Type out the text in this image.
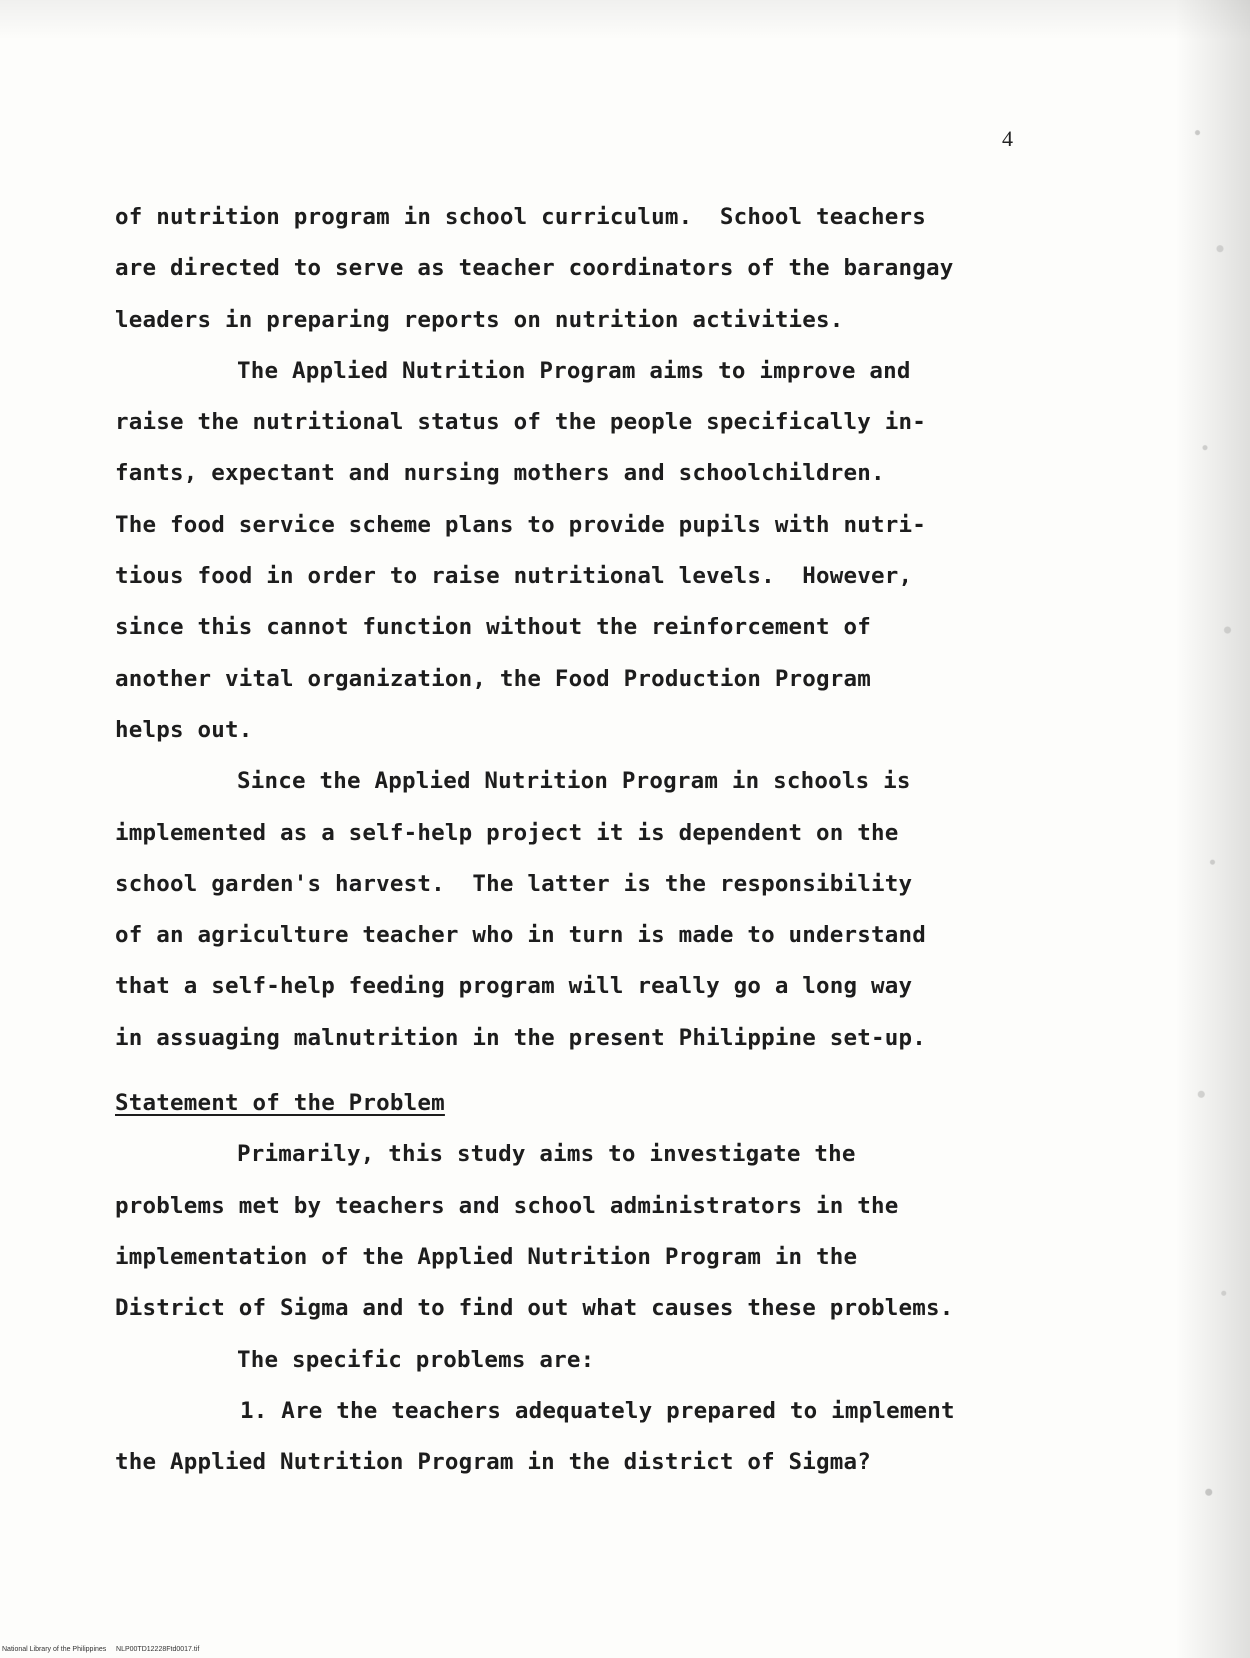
4
of nutrition program in school curriculum.  School teachers
are directed to serve as teacher coordinators of the barangay
leaders in preparing reports on nutrition activities.
The Applied Nutrition Program aims to improve and
raise the nutritional status of the people specifically in-
fants, expectant and nursing mothers and schoolchildren.
The food service scheme plans to provide pupils with nutri-
tious food in order to raise nutritional levels.  However,
since this cannot function without the reinforcement of
another vital organization, the Food Production Program
helps out.
Since the Applied Nutrition Program in schools is
implemented as a self-help project it is dependent on the
school garden's harvest.  The latter is the responsibility
of an agriculture teacher who in turn is made to understand
that a self-help feeding program will really go a long way
in assuaging malnutrition in the present Philippine set-up.
Statement of the Problem
Primarily, this study aims to investigate the
problems met by teachers and school administrators in the
implementation of the Applied Nutrition Program in the
District of Sigma and to find out what causes these problems.
The specific problems are:
1. Are the teachers adequately prepared to implement
the Applied Nutrition Program in the district of Sigma?
National Library of the Philippines NLP00TD12228Ftd0017.tif
